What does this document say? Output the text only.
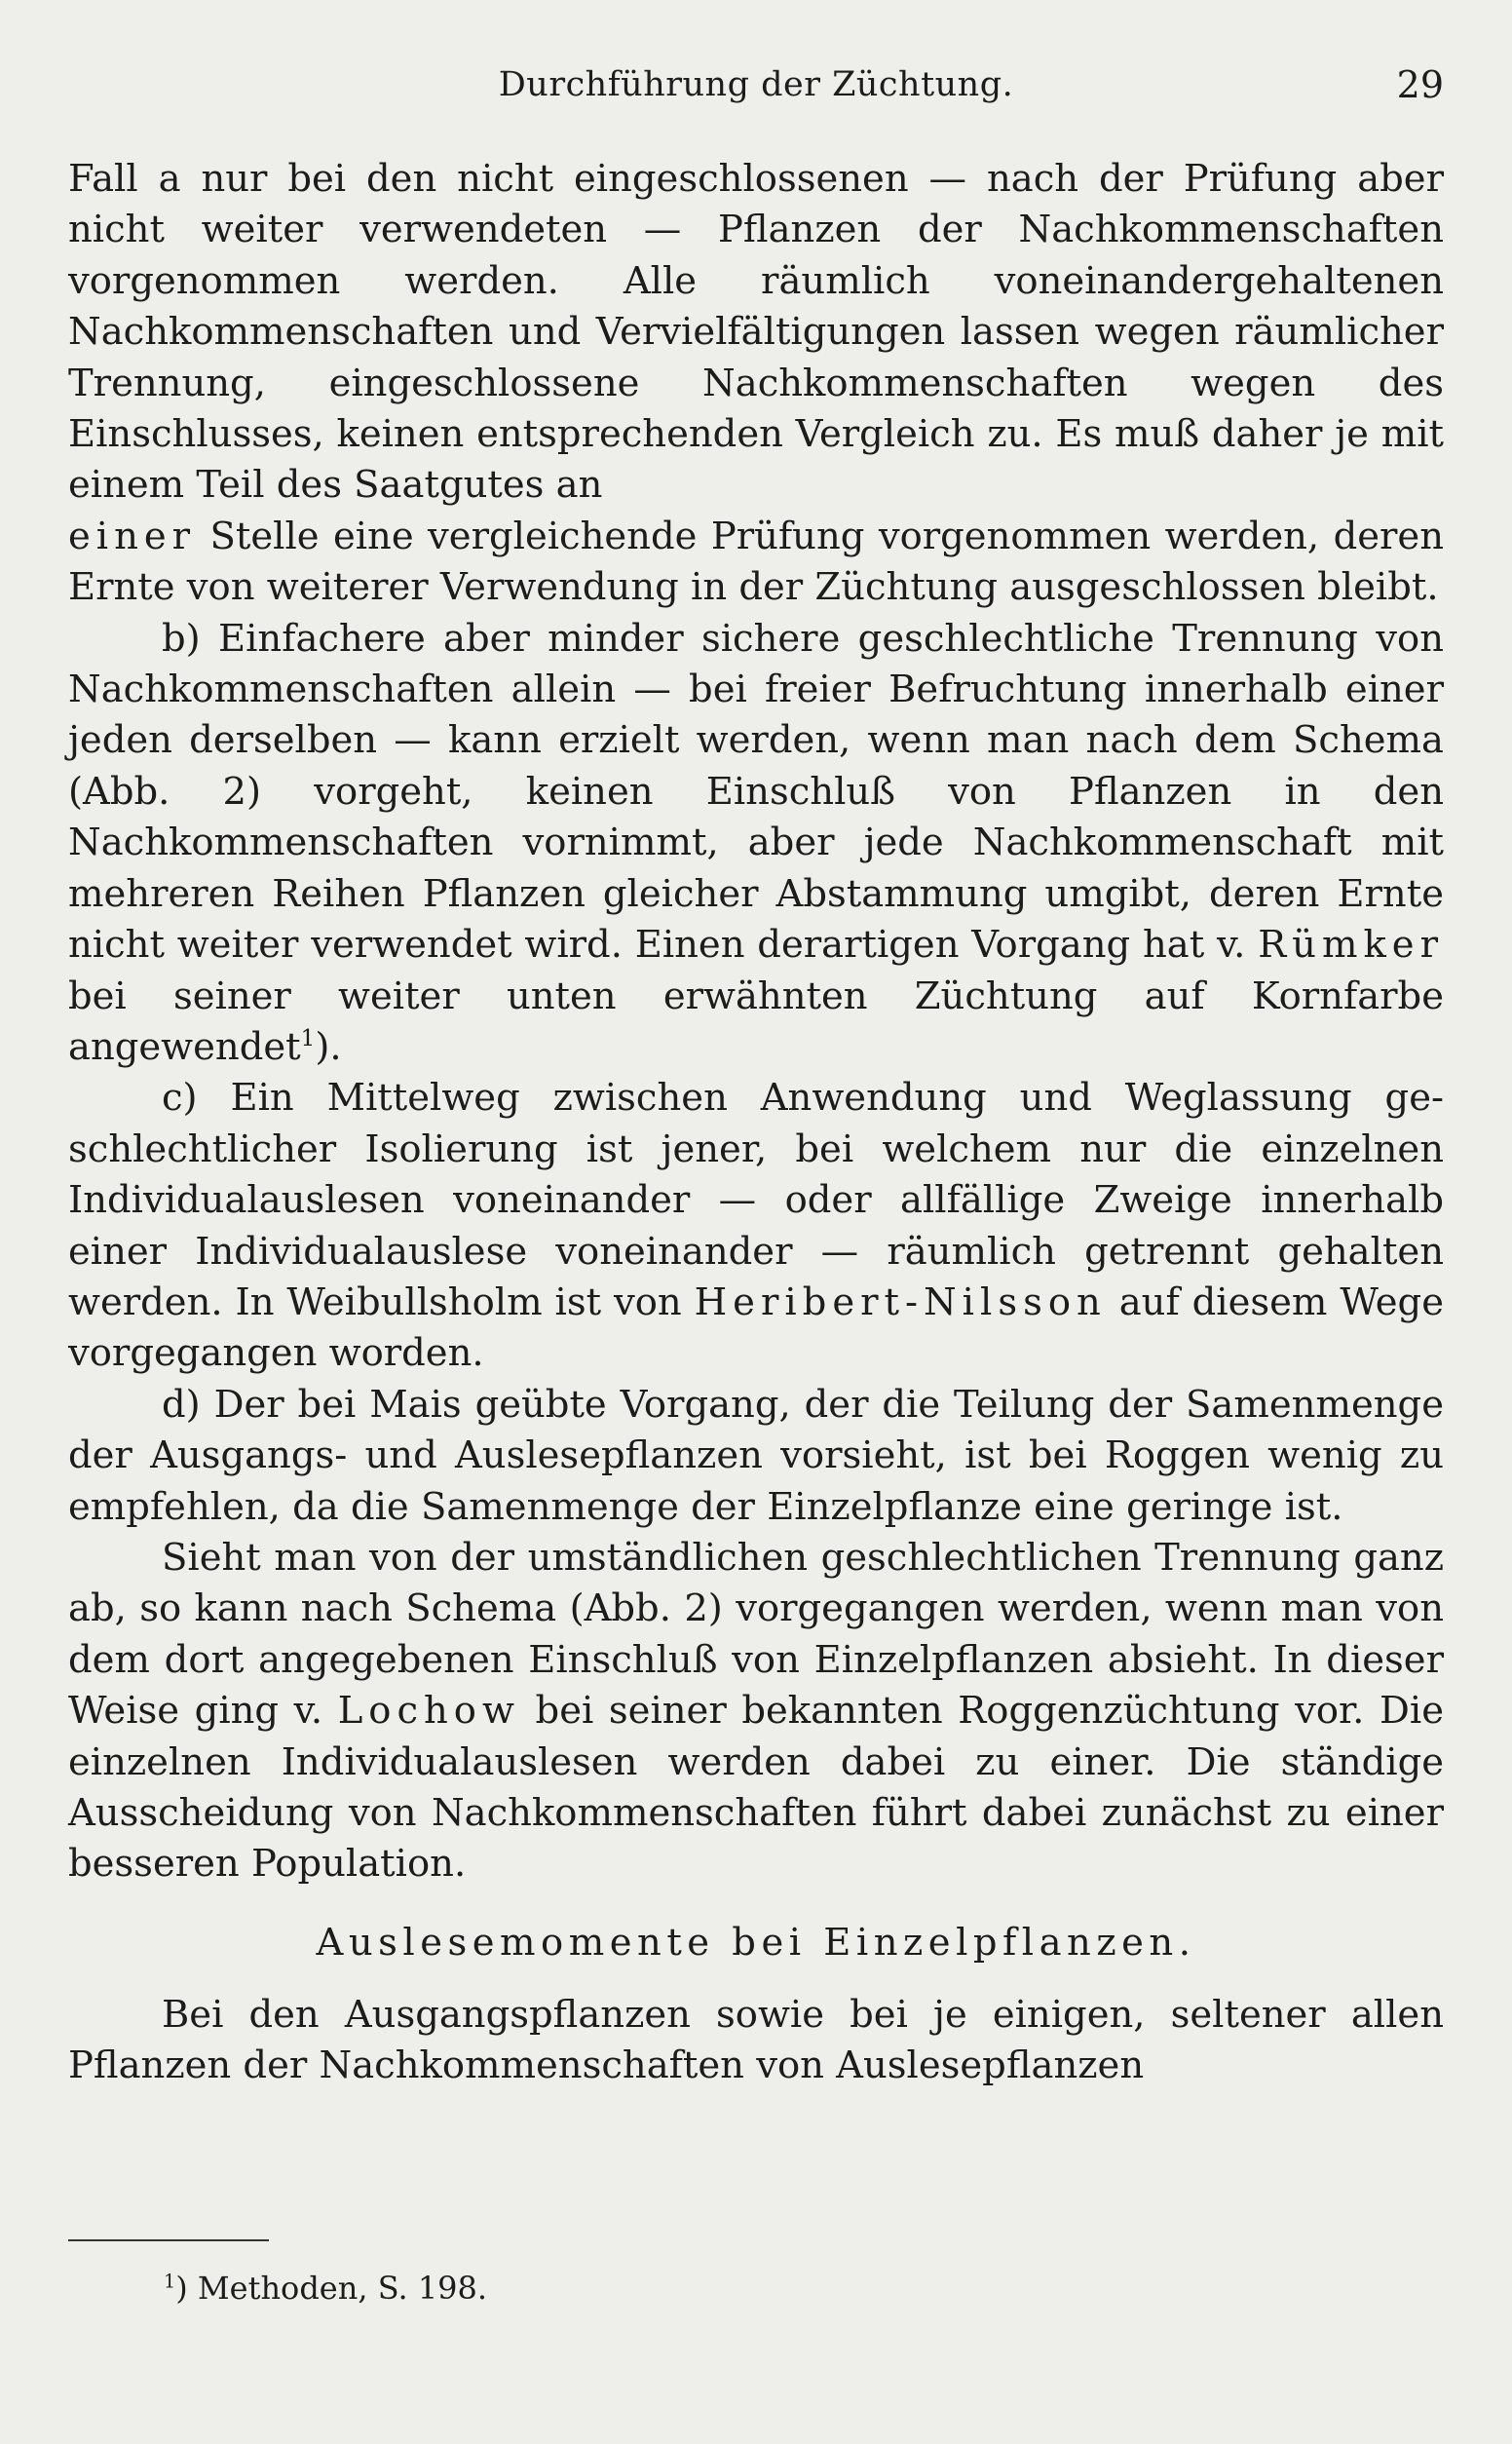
Durchführung der Züchtung.	29

Fall a nur bei den nicht eingeschlossenen — nach der Prüfung aber nicht weiter verwendeten — Pflanzen der Nachkommenschaften vorgenommen werden. Alle räumlich voneinandergehaltenen Nachkommenschaften und Vervielfältigungen lassen wegen räumlicher Trennung, eingeschlossene Nachkommenschaften wegen des Einschlusses, keinen entsprechenden Vergleich zu. Es muß daher je mit einem Teil des Saatgutes an
einer Stelle eine vergleichende Prüfung vorgenommen werden, deren Ernte von weiterer Verwendung in der Züchtung ausgeschlossen bleibt.

b) Einfachere aber minder sichere geschlechtliche Trennung von Nachkommenschaften allein — bei freier Befruchtung innerhalb einer jeden derselben — kann erzielt werden, wenn man nach dem Schema (Abb. 2) vorgeht, keinen Einschluß von Pflanzen in den Nachkommenschaften vornimmt, aber jede Nachkommenschaft mit mehreren Reihen Pflanzen gleicher Abstammung umgibt, deren Ernte nicht weiter verwendet wird. Einen derartigen Vorgang hat v. Rümker bei seiner weiter unten erwähnten Züchtung auf Kornfarbe angewendet$^1$).

c) Ein Mittelweg zwischen Anwendung und Weglassung geschlechtlicher Isolierung ist jener, bei welchem nur die einzelnen Individualauslesen voneinander — oder allfällige Zweige innerhalb einer Individualauslese voneinander — räumlich getrennt gehalten werden. In Weibullsholm ist von Heribert-Nilsson auf diesem Wege vorgegangen worden.

d) Der bei Mais geübte Vorgang, der die Teilung der Samenmenge der Ausgangs- und Auslesepflanzen vorsieht, ist bei Roggen wenig zu empfehlen, da die Samenmenge der Einzelpflanze eine geringe ist.

Sieht man von der umständlichen geschlechtlichen Trennung ganz ab, so kann nach Schema (Abb. 2) vorgegangen werden, wenn man von dem dort angegebenen Einschluß von Einzelpflanzen absieht. In dieser Weise ging v. Lochow bei seiner bekannten Roggenzüchtung vor. Die einzelnen Individualauslesen werden dabei zu einer. Die ständige Ausscheidung von Nachkommenschaften führt dabei zunächst zu einer besseren Population.

Auslesemomente bei Einzelpflanzen.

Bei den Ausgangspflanzen sowie bei je einigen, seltener allen Pflanzen der Nachkommenschaften von Auslesepflanzen

$^1$) Methoden, S. 198.
